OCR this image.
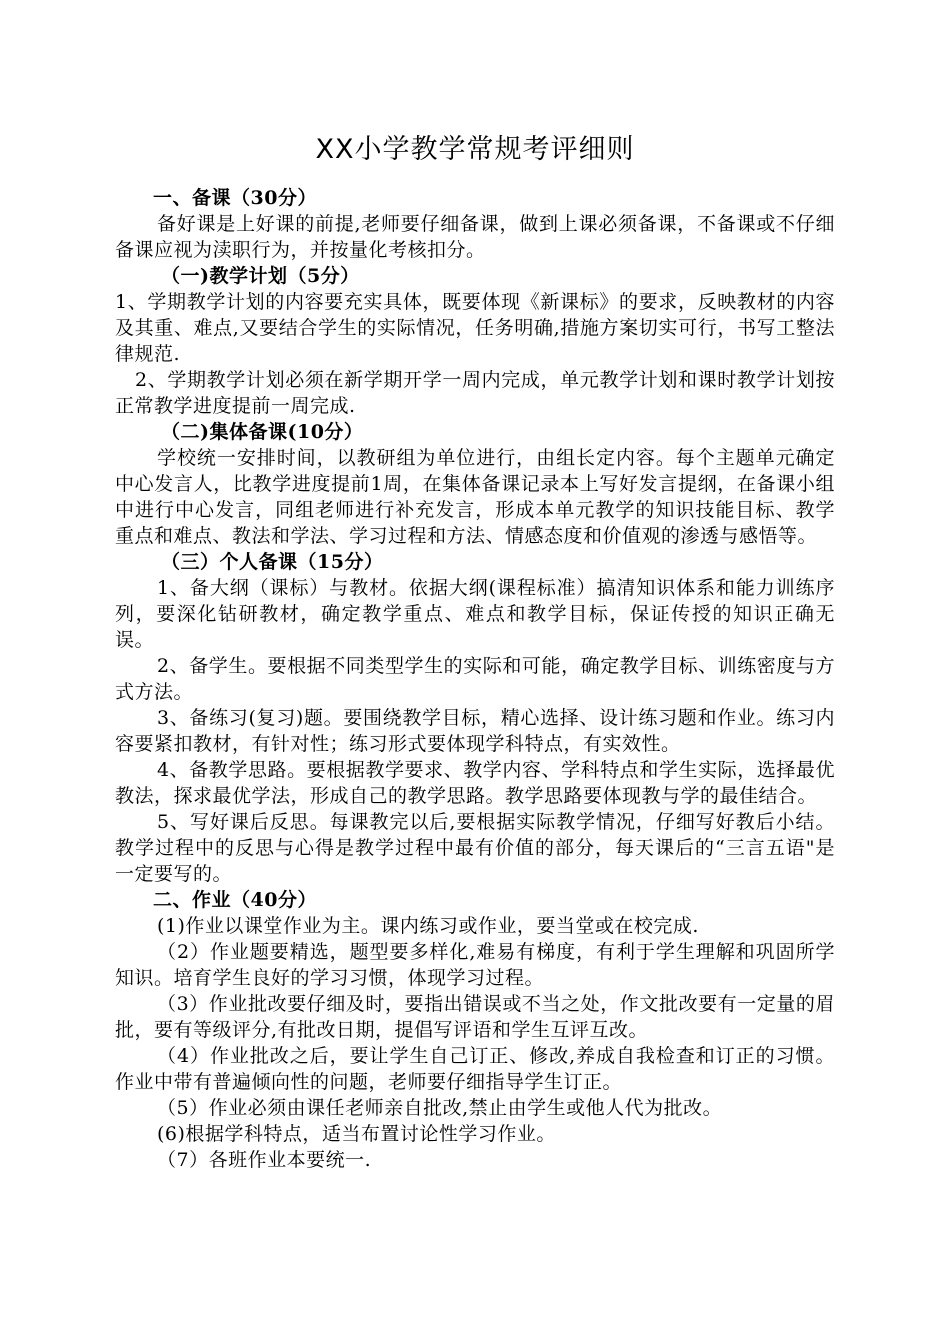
XX小学教学常规考评细则

一、备课（30分）

备好课是上好课的前提,老师要仔细备课，做到上课必须备课，不备课或不仔细备课应视为渎职行为，并按量化考核扣分。

（一)教学计划（5分）

1、学期教学计划的内容要充实具体，既要体现《新课标》的要求，反映教材的内容及其重、难点,又要结合学生的实际情况，任务明确,措施方案切实可行，书写工整法律规范.

2、学期教学计划必须在新学期开学一周内完成，单元教学计划和课时教学计划按正常教学进度提前一周完成.

（二)集体备课(10分）

学校统一安排时间，以教研组为单位进行，由组长定内容。每个主题单元确定中心发言人，比教学进度提前1周，在集体备课记录本上写好发言提纲，在备课小组中进行中心发言，同组老师进行补充发言，形成本单元教学的知识技能目标、教学重点和难点、教法和学法、学习过程和方法、情感态度和价值观的渗透与感悟等。

（三）个人备课（15分）

1、备大纲（课标）与教材。依据大纲(课程标准）搞清知识体系和能力训练序列，要深化钻研教材，确定教学重点、难点和教学目标，保证传授的知识正确无误。

2、备学生。要根据不同类型学生的实际和可能，确定教学目标、训练密度与方式方法。

3、备练习(复习)题。要围绕教学目标，精心选择、设计练习题和作业。练习内容要紧扣教材，有针对性；练习形式要体现学科特点，有实效性。

4、备教学思路。要根据教学要求、教学内容、学科特点和学生实际，选择最优教法，探求最优学法，形成自己的教学思路。教学思路要体现教与学的最佳结合。

5、写好课后反思。每课教完以后,要根据实际教学情况，仔细写好教后小结。教学过程中的反思与心得是教学过程中最有价值的部分，每天课后的“三言五语"是一定要写的。

二、作业（40分）

(1)作业以课堂作业为主。课内练习或作业，要当堂或在校完成.

（2）作业题要精选，题型要多样化,难易有梯度，有利于学生理解和巩固所学知识。培育学生良好的学习习惯，体现学习过程。

（3）作业批改要仔细及时，要指出错误或不当之处，作文批改要有一定量的眉批，要有等级评分,有批改日期，提倡写评语和学生互评互改。

（4）作业批改之后，要让学生自己订正、修改,养成自我检查和订正的习惯。作业中带有普遍倾向性的问题，老师要仔细指导学生订正。

（5）作业必须由课任老师亲自批改,禁止由学生或他人代为批改。

(6)根据学科特点，适当布置讨论性学习作业。

（7）各班作业本要统一.
